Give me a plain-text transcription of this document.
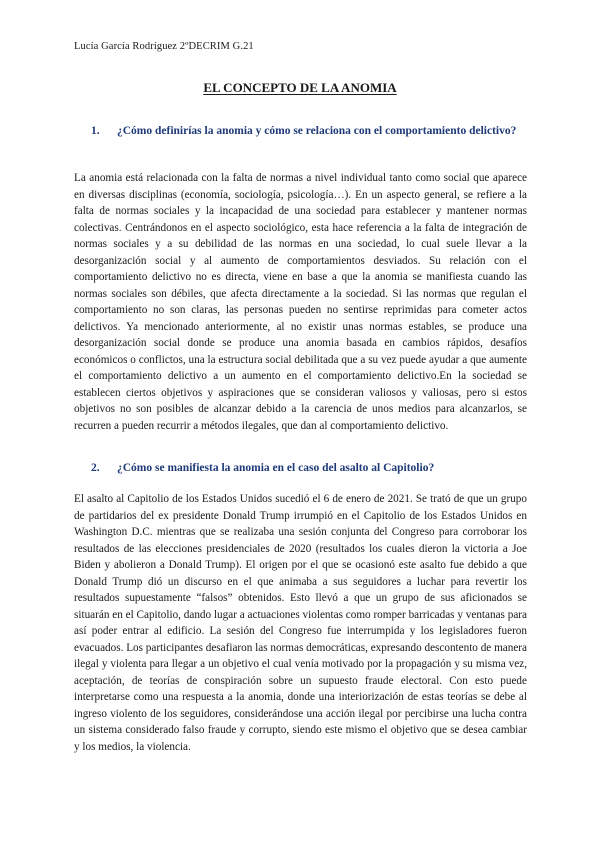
Lucía García Rodríguez 2ºDECRIM G.21
EL CONCEPTO DE LA ANOMIA
1. ¿Cómo definirías la anomia y cómo se relaciona con el comportamiento delictivo?

La anomia está relacionada con la falta de normas a nivel individual tanto como social que aparece en diversas disciplinas (economía, sociología, psicología…). En un aspecto general, se refiere a la falta de normas sociales y la incapacidad de una sociedad para establecer y mantener normas colectivas. Centrándonos en el aspecto sociológico, esta hace referencia a la falta de integración de normas sociales y a su debilidad de las normas en una sociedad, lo cual suele llevar a la desorganización social y al aumento de comportamientos desviados. Su relación con el comportamiento delictivo no es directa, viene en base a que la anomia se manifiesta cuando las normas sociales son débiles, que afecta directamente a la sociedad. Si las normas que regulan el comportamiento no son claras, las personas pueden no sentirse reprimidas para cometer actos delictivos. Ya mencionado anteriormente, al no existir unas normas estables, se produce una desorganización social donde se produce una anomia basada en cambios rápidos, desafíos económicos o conflictos, una la estructura social debilitada que a su vez puede ayudar a que aumente el comportamiento delictivo a un aumento en el comportamiento delictivo.En la sociedad se establecen ciertos objetivos y aspiraciones que se consideran valiosos y valiosas, pero si estos objetivos no son posibles de alcanzar debido a la carencia de unos medios para alcanzarlos, se recurren a pueden recurrir a métodos ilegales, que dan al comportamiento delictivo.

2. ¿Cómo se manifiesta la anomia en el caso del asalto al Capitolio?

El asalto al Capitolio de los Estados Unidos sucedió el 6 de enero de 2021. Se trató de que un grupo de partidarios del ex presidente Donald Trump irrumpió en el Capitolio de los Estados Unidos en Washington D.C. mientras que se realizaba una sesión conjunta del Congreso para corroborar los resultados de las elecciones presidenciales de 2020 (resultados los cuales dieron la victoria a Joe Biden y abolieron a Donald Trump). El origen por el que se ocasionó este asalto fue debido a que Donald Trump dió un discurso en el que animaba a sus seguidores a luchar para revertir los resultados supuestamente “falsos” obtenidos. Esto llevó a que un grupo de sus aficionados se situarán en el Capitolio, dando lugar a actuaciones violentas como romper barricadas y ventanas para así poder entrar al edificio. La sesión del Congreso fue interrumpida y los legisladores fueron evacuados. Los participantes desafiaron las normas democráticas, expresando descontento de manera ilegal y violenta para llegar a un objetivo el cual venía motivado por la propagación y su misma vez, aceptación, de teorías de conspiración sobre un supuesto fraude electoral. Con esto puede interpretarse como una respuesta a la anomia, donde una interiorización de estas teorías se debe al ingreso violento de los seguidores, considerándose una acción ilegal por percibirse una lucha contra un sistema considerado falso fraude y corrupto, siendo este mismo el objetivo que se desea cambiar y los medios, la violencia.
